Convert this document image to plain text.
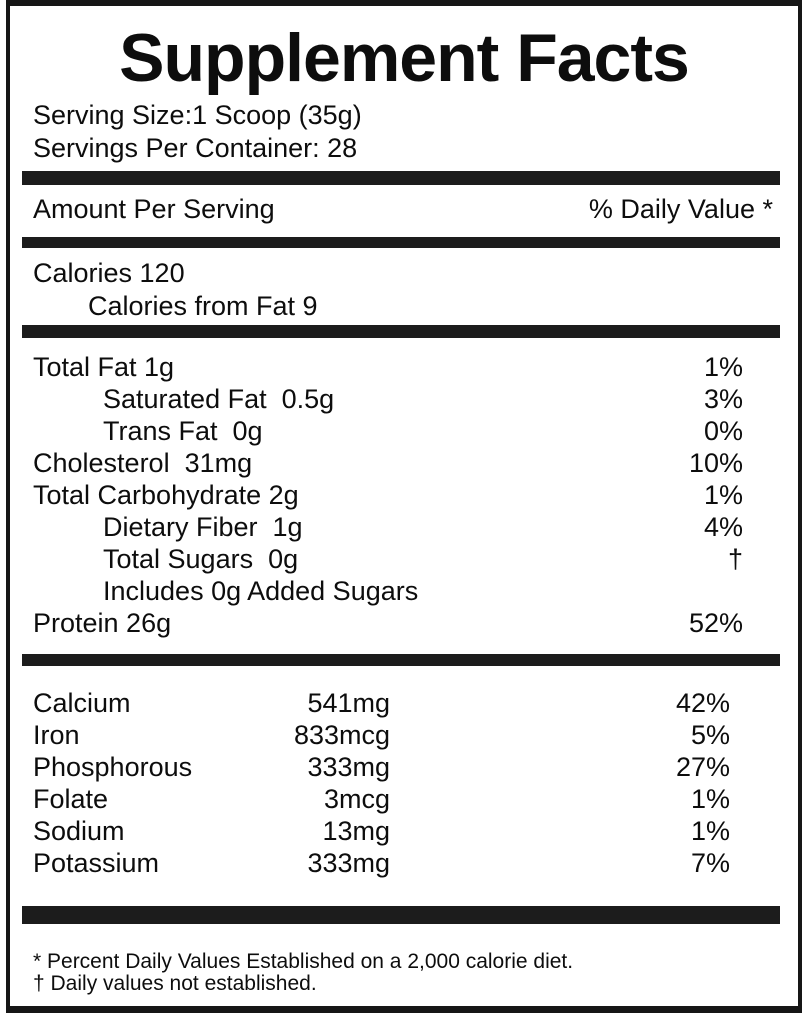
Supplement Facts
Serving Size:1 Scoop (35g)
Servings Per Container: 28
Amount Per Serving	% Daily Value *
Calories 120
Calories from Fat 9
Total Fat 1g	1%
Saturated Fat  0.5g	3%
Trans Fat  0g	0%
Cholesterol  31mg	10%
Total Carbohydrate 2g	1%
Dietary Fiber  1g	4%
Total Sugars  0g	†
Includes 0g Added Sugars
Protein 26g	52%
Calcium	541mg	42%
Iron	833mcg	5%
Phosphorous	333mg	27%
Folate	3mcg	1%
Sodium	13mg	1%
Potassium	333mg	7%
* Percent Daily Values Established on a 2,000 calorie diet.
† Daily values not established.
